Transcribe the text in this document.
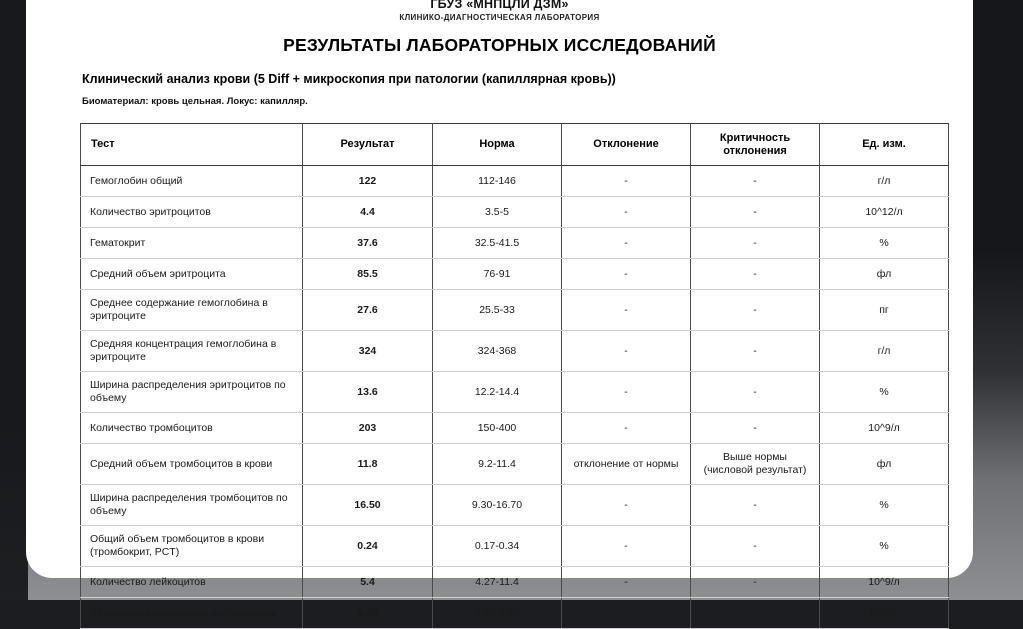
ГБУЗ «МНПЦЛИ ДЗМ»
КЛИНИКО-ДИАГНОСТИЧЕСКАЯ ЛАБОРАТОРИЯ
РЕЗУЛЬТАТЫ ЛАБОРАТОРНЫХ ИССЛЕДОВАНИЙ
Клинический анализ крови (5 Diff + микроскопия при патологии (капиллярная кровь))
Биоматериал: кровь цельная. Локус: капилляр.
Тест	Результат	Норма	Отклонение	Критичность отклонения	Ед. изм.
Гемоглобин общий	122	112-146	-	-	г/л
Количество эритроцитов	4.4	3.5-5	-	-	10^12/л
Гематокрит	37.6	32.5-41.5	-	-	%
Средний объем эритроцита	85.5	76-91	-	-	фл
Среднее содержание гемоглобина в эритроците	27.6	25.5-33	-	-	пг
Средняя концентрация гемоглобина в эритроците	324	324-368	-	-	г/л
Ширина распределения эритроцитов по объему	13.6	12.2-14.4	-	-	%
Количество тромбоцитов	203	150-400	-	-	10^9/л
Средний объем тромбоцитов в крови	11.8	9.2-11.4	отклонение от нормы	Выше нормы (числовой результат)	фл
Ширина распределения тромбоцитов по объему	16.50	9.30-16.70	-	-	%
Общий объем тромбоцитов в крови (тромбокрит, PCT)	0.24	0.17-0.34	-	-	%
Количество лейкоцитов	5.4	4.27-11.4	-	-	10^9/л
Абсолютное количество нейтрофилов	2.48	1.63-7.87	-	-	10^9/л
